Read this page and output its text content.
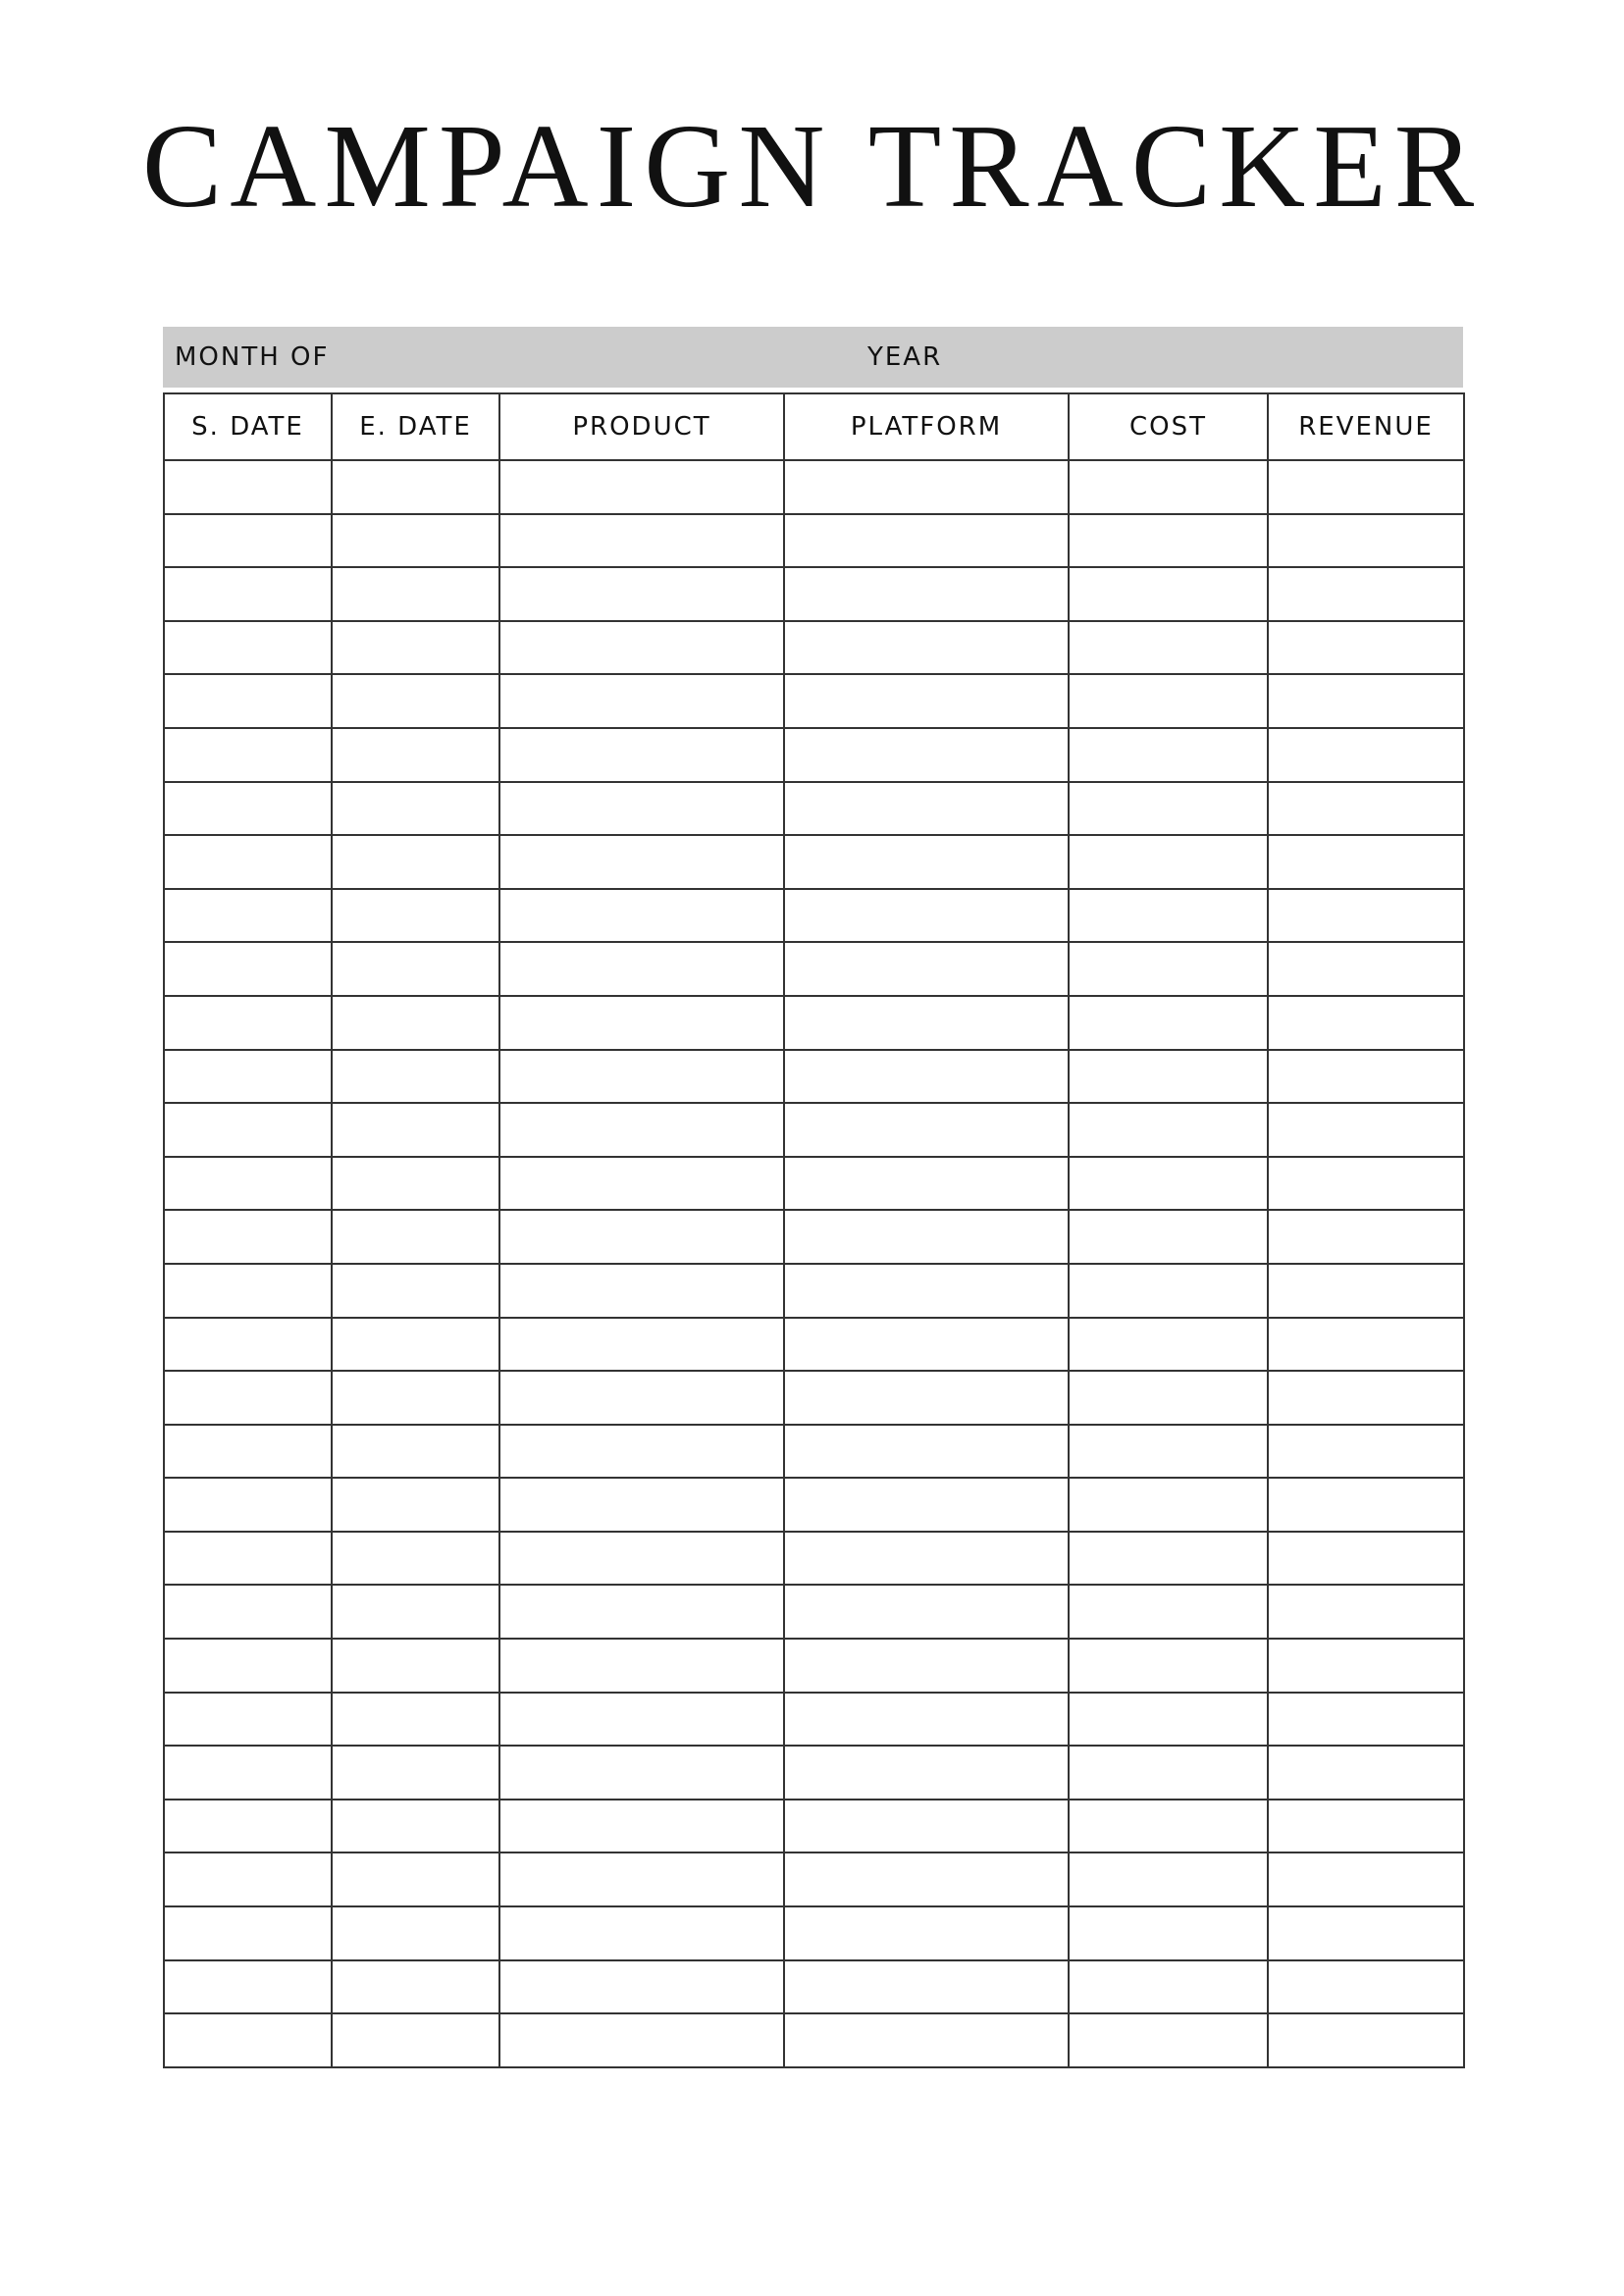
CAMPAIGN TRACKER
MONTH OF	YEAR
S. DATE	E. DATE	PRODUCT	PLATFORM	COST	REVENUE
